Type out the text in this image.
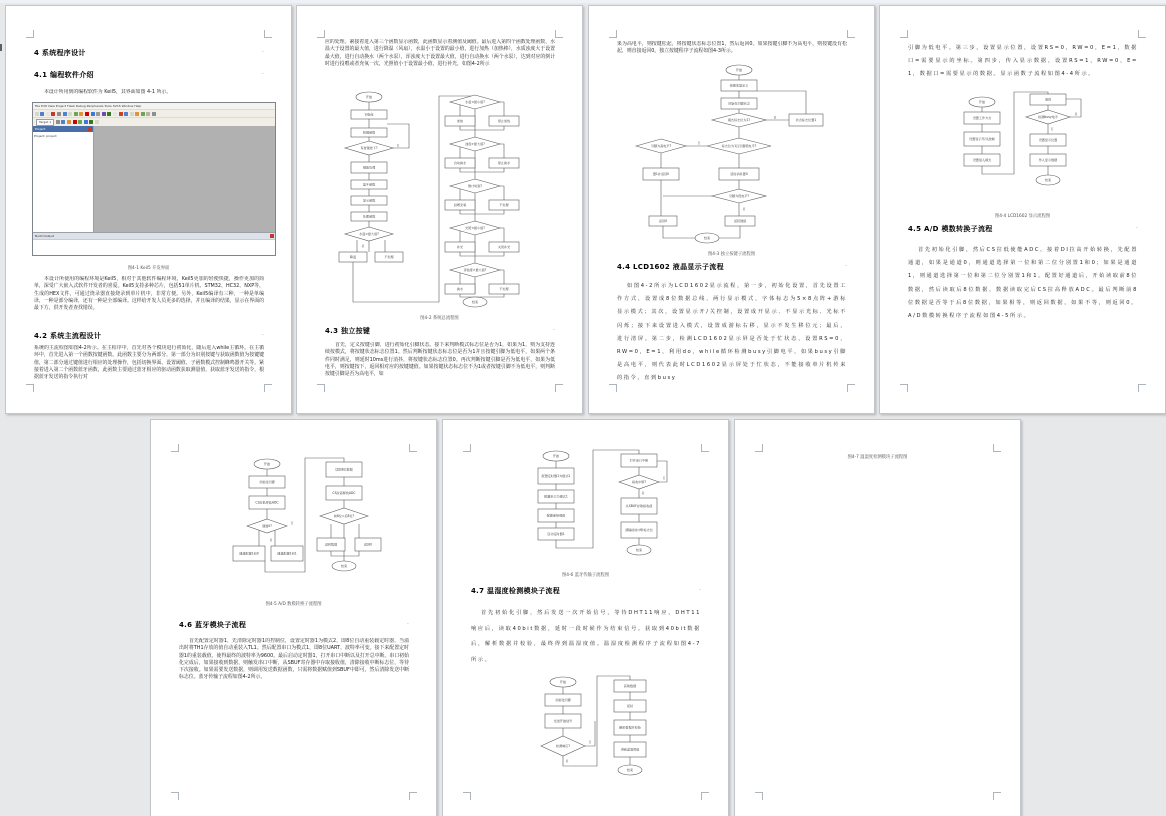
4 系统程序设计	·
4.1 编程软件介绍	·
本设计所用到的编程软件为 Keil5，其界面如图 4-1 所示。
File Edit View Project Flash Debug Peripherals Tools SVCS Window Help
Target 1
Project
Project: project
Build Output
图4-1 Keil5 开发界面
本设计所使用的编程环境是Keil5，相对于其他软件编程环境，Keil5更加的轻便快捷，操作更加的简单，深受广大嵌入式软件开发者的喜爱。Keil5支持多种芯片，包括51单片机、STM32、HC32、NXP等，生成的HEX文件，可通过烧录器直接烧录到单片机中，非常方便。另外，Keil5编译有三种，一种是单编译，一种是部分编译，还有一种是全部编译。这样给开发人员更多的选择，并且编译的结果，显示在界面的最下方，供开发者查找错误。
4.2 系统主流程设计	·
系统的主流程图如图4-2所示。在主程序中，首先对各个模块进行初始化，随后进入while主循环。在主循环中，首先进入第一个函数按键函数。此函数主要分为两部分，第一部分为识别按键与获取函数值为按键键值，第二部分通过键值进行相应的处理操作，包括切换界面、设置阈值、子函数模式控制蜂鸣器开关等。紧接着进入第二个函数蓝牙函数，此函数主要通过蓝牙相应的驱动函数获取测量值，获取蓝牙发送的指令，根据蓝牙发送的指令执行对
应的处理。紧接着进入第三个函数显示函数，此函数显示着测值及阈值。最后进入第四个函数处理函数，水温大于设置的最大值，进行降温（风扇），水温小于设置的最小值，进行加热（加热棒），水质浊度大于设置最大值，进行自动换水（两个水泵），浑浊度大于设置最大值，进行自动换水（两个水泵），达到对应的倒计时进行投喂或者充氧一次，光照值小于设置最小值，进行补光，如图4-2所示
开始
初始化
按键函数
有按键按下?
否
键值处理
蓝牙函数
显示函数
处理函数
水温>最大值?
是
降温	不处理
水温<最小值?
加热	停止加热
浊度>最大值?
自动换水	停止换水
倒计时到?
投喂充氧	不处理
光照<最小值?
补光	关闭补光
浑浊度>最大值?
换水	不处理
结束
图4-2 系统总流程图
4.3 独立按键	·
首先，定义按键引脚，进行初始化引脚状态。接下来判断模式标志位是否为1，如果为1，则为支持连续按模式，将按键状态标志位置1。然后判断按键状态标志位是否为1并且按键引脚为低电平，如果两个条件同时满足，则延时10ms进行消抖，将按键状态标志位置0。再次判断按键引脚是否为低电平，如果为低电平，则按键按下，返回相对应的按键键值。如果按键状态标志位不为1或者按键引脚不为低电平，则判断按键引脚是否为高电平，如
果为高电平，则按键松起，将按键状态标志位置1，然后返回0。如果按键引脚不为高电平，则按键没有松起，则直接返回0。独立按键程序子流程如图4-3所示。
开始
按键变量定义
初始化引脚状态
模式标志位为1?
是
状态标志位置1
标志位为1且引脚低电平?
否
引脚为高电平?
置1并返回0	延时消抖置0
引脚为低电平?
是
返回0	返回键值
结束
图4-3 独立按键子流程图
4.4 LCD1602 液晶显示子流程	·
如图4-2所示为LCD1602显示流程，第一步，初始化设置，首先设置工作方式，设置成8位数据总线、两行显示模式，字体标志为5×8点阵+游标显示模式；其次，设置显示开/关控制，设置成开显示、不显示光标、光标不闪烁；接下来设置进入模式，设置成游标右移，显示不发生移位元；最后，进行清屏。第二步，检测LCD1602显示屏是否处于忙状态，设置RS=0，RW=0，E=1，利用do，while循环检测busy引脚电平，如果busy引脚是高电平，则代表此时LCD1602显示屏处于忙状态，不能接收单片机传来的指令，直到busy
引脚为低电平。第三步，设置显示位置，设置RS=0，RW=0，E=1，数据口=需要显示的坐标。第四步，传入显示数据，设置RS=1，RW=0，E=1，数据口=需要显示的数据。显示函数子流程如图4-4所示。
开始
设置工作方式
设置显示开/关控制
设置进入模式
清屏
检测busy电平
是
否
设置显示位置
传入显示数据
结束
图4-4 LCD1602 显示流程图
4.5 A/D 模数转换子流程	·
首先初始化引脚，然后CS拉低使能ADC，接着DI拉高开始转换，先配置通道，如果是通道0，则通道选择第一位和第二位分别置1和0；如果是通道1，则通道选择第一位和第二位分别置1和1。配置好通道后，开始读取前8位数据，然后读取后8位数据，数据读取完后CS拉高释放ADC。最后判断前8位数据是否等于后8位数据，如果相等，则返回数据，如果不等，则返回0。A/D数模转换程序子流程如图4-5所示。
开始
初始化引脚
CS拉低使能ADC
通道0?
否
是
通道配置1和0	通道配置1和1
读取8位数据
CS拉高释放ADC
前8位=后8位?
返回数据	返回0
结束
图4-5 A/D 数模转换子流程图
4.6 蓝牙模块子流程	·
首先配置定时器1，先清除定时器1的控制位，设置定时器1为模式2，即8位自动重装载定时器，当溢出时将TH1存放的值自动重装入TL1。然后配置串口为模式1，即8位UART，波特率可变。接下来配置定时器1的重装载值，使得最终的波特率为9600。最后启动定时器1，打开串口中断以及打开总中断。串口初始化完成后，如果接收到数据，则触发串口中断，从SBUF寄存器中存取接收值，清除接收中断标志位，等待下次接收。如果需要发送数据，则调用发送数据函数，只需将数据赋值到SBUF中即可，然后清除发送中断标志位。蓝牙传输子流程如图4-2所示。
开始
配置定时器1为模式2
配置串口为模式1
配置重装载值
启动定时器1
打开串口中断
接收中断?
否
是
从SBUF存取接收值
清除接收中断标志位
结束
图4-6 蓝牙传输子流程图
4.7 温湿度检测模块子流程	·
首先初始化引脚，然后发送一次开始信号，等待DHT11响应，DHT11响应后，读取40bit数据，延时一段时候作为结束信号。获取到40bit数据后，解析数据并校验，最终得到温湿度值。温湿度检测程序子流程如图4-7所示。
开始
初始化引脚
发送开始信号
检测响应?
否
是
获取数据
延时
解析数据并校验
得到温湿度值
结束
图4-7 温湿度检测模块子流程图
